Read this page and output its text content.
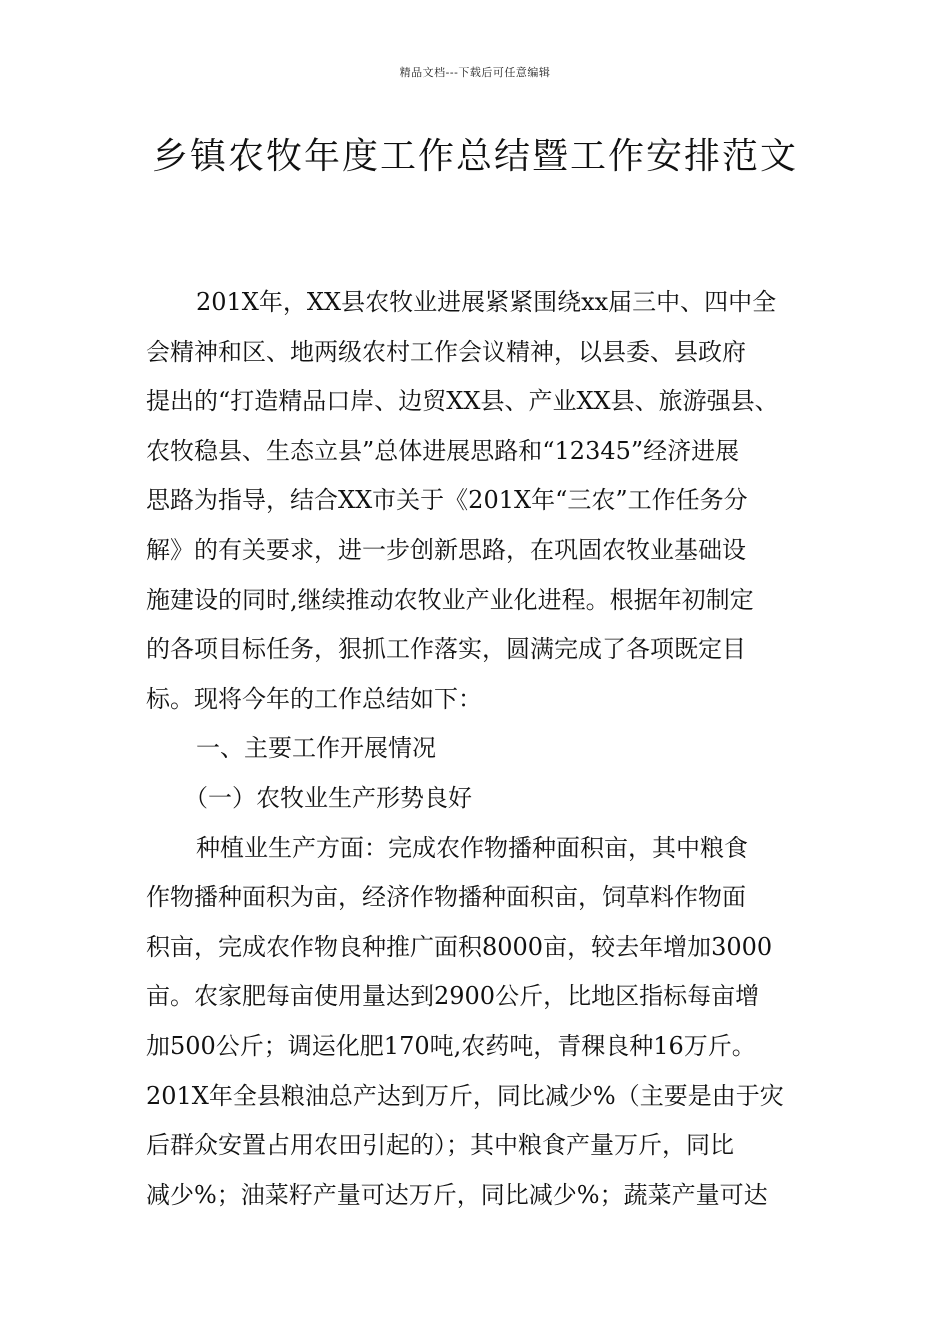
精品文档---下载后可任意编辑
乡镇农牧年度工作总结暨工作安排范文
201X年，XX县农牧业进展紧紧围绕xx届三中、四中全
会精神和区、地两级农村工作会议精神，以县委、县政府
提出的“打造精品口岸、边贸XX县、产业XX县、旅游强县、
农牧稳县、生态立县”总体进展思路和“12345”经济进展
思路为指导，结合XX市关于《201X年“三农”工作任务分
解》的有关要求，进一步创新思路，在巩固农牧业基础设
施建设的同时,继续推动农牧业产业化进程。根据年初制定
的各项目标任务，狠抓工作落实，圆满完成了各项既定目
标。现将今年的工作总结如下：
一、主要工作开展情况
（一）农牧业生产形势良好
种植业生产方面：完成农作物播种面积亩，其中粮食
作物播种面积为亩，经济作物播种面积亩，饲草料作物面
积亩，完成农作物良种推广面积8000亩，较去年增加3000
亩。农家肥每亩使用量达到2900公斤，比地区指标每亩增
加500公斤；调运化肥170吨,农药吨，青稞良种16万斤。
201X年全县粮油总产达到万斤，同比减少%（主要是由于灾
后群众安置占用农田引起的）；其中粮食产量万斤，同比
减少%；油菜籽产量可达万斤，同比减少%；蔬菜产量可达
